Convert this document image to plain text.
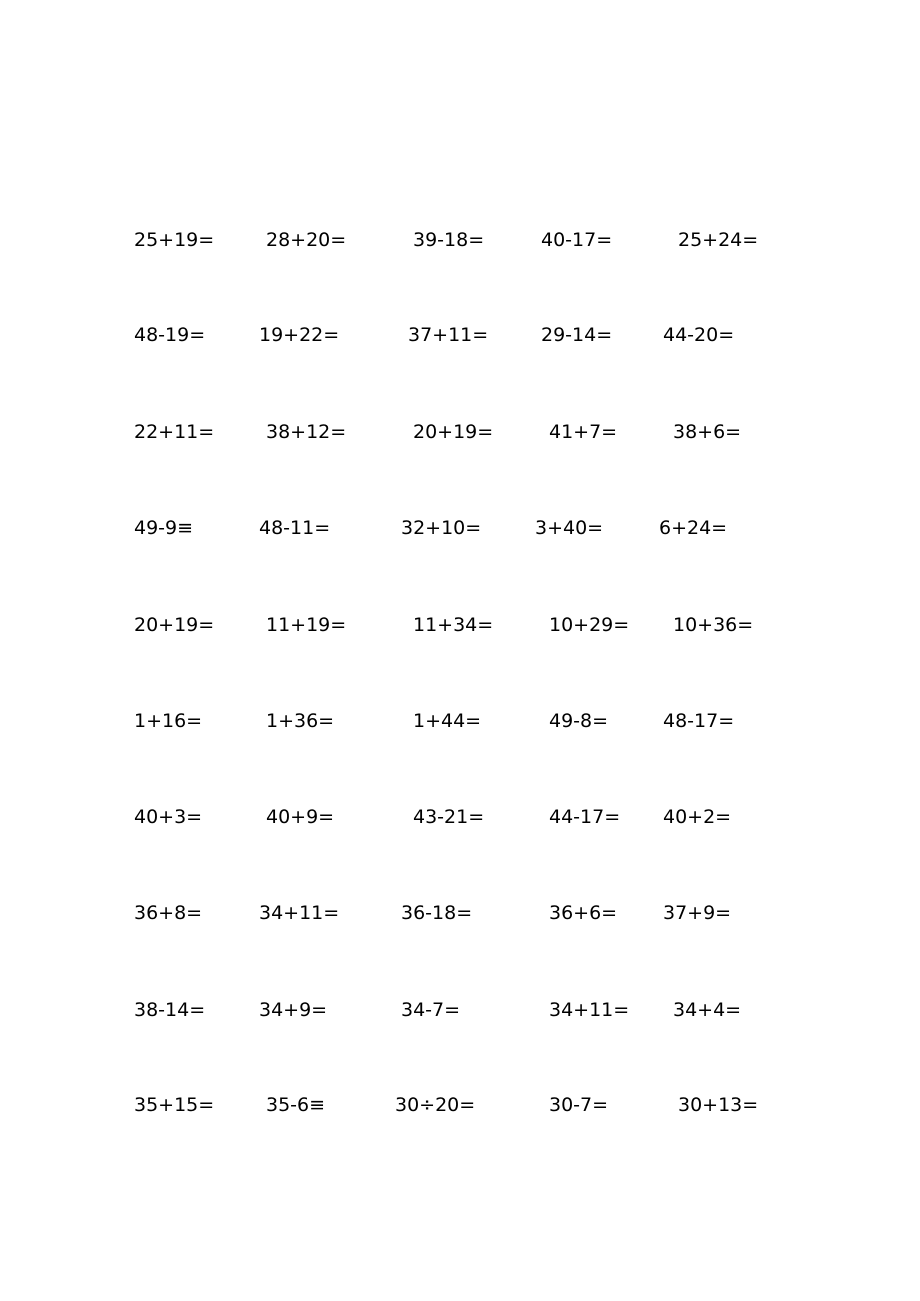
25+19=	28+20=	39-18=	40-17=	25+24=
48-19=	19+22=	37+11=	29-14=	44-20=
22+11=	38+12=	20+19=	41+7=	38+6=
49-9≡	48-11=	32+10=	3+40=	6+24=
20+19=	11+19=	11+34=	10+29= 10+36=
1+16=	1+36=	1+44=	49-8=	48-17=
40+3=	40+9=	43-21=	44-17= 40+2=
36+8=	34+11=	36-18=	36+6= 37+9=
38-14=	34+9=	34-7=	34+11= 34+4=
35+15=	35-6≡	30÷20=	30-7=	30+13=
